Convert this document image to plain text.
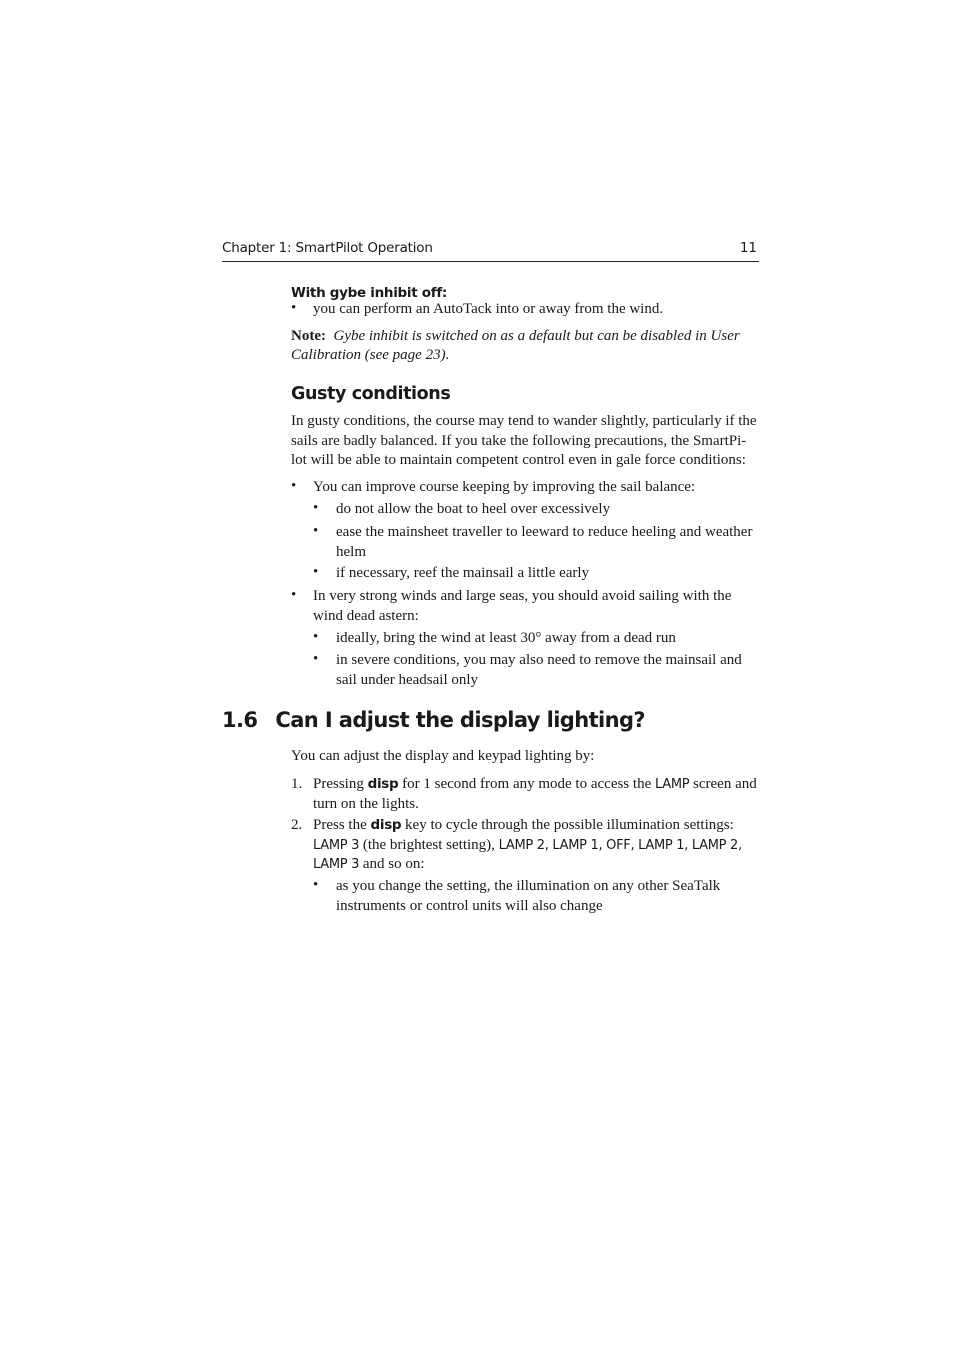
Chapter 1: SmartPilot Operation	11
With gybe inhibit off:
• you can perform an AutoTack into or away from the wind.
Note: Gybe inhibit is switched on as a default but can be disabled in User
Calibration (see page 23).
Gusty conditions
In gusty conditions, the course may tend to wander slightly, particularly if the
sails are badly balanced. If you take the following precautions, the SmartPi-
lot will be able to maintain competent control even in gale force conditions:
• You can improve course keeping by improving the sail balance:
• do not allow the boat to heel over excessively
• ease the mainsheet traveller to leeward to reduce heeling and weather
helm
• if necessary, reef the mainsail a little early
• In very strong winds and large seas, you should avoid sailing with the
wind dead astern:
• ideally, bring the wind at least 30° away from a dead run
• in severe conditions, you may also need to remove the mainsail and
sail under headsail only
1.6 Can I adjust the display lighting?
You can adjust the display and keypad lighting by:
1. Pressing disp for 1 second from any mode to access the LAMP screen and
turn on the lights.
2. Press the disp key to cycle through the possible illumination settings:
LAMP 3 (the brightest setting), LAMP 2, LAMP 1, OFF, LAMP 1, LAMP 2,
LAMP 3 and so on:
• as you change the setting, the illumination on any other SeaTalk
instruments or control units will also change
